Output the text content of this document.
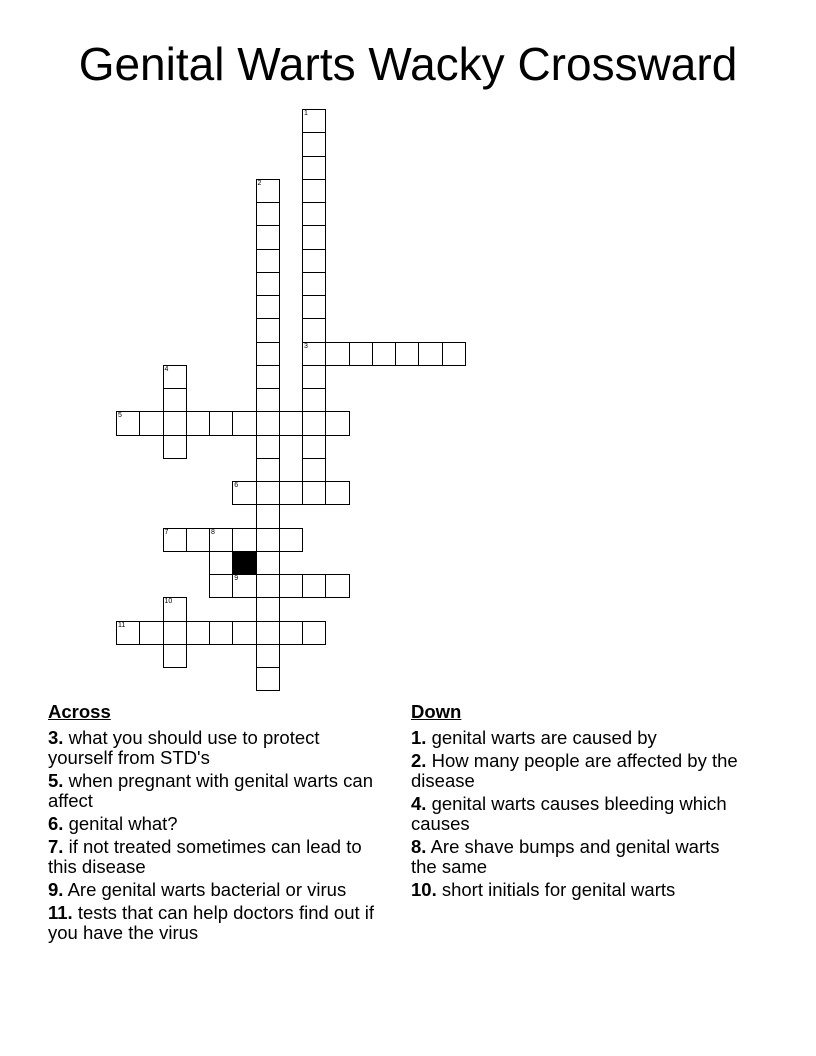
Genital Warts Wacky Crossward
1
3
2
4
8
10
5
6
7
9
11
Across
3. what you should use to protect yourself from STD's
5. when pregnant with genital warts can affect
6. genital what?
7. if not treated sometimes can lead to this disease
9. Are genital warts bacterial or virus
11. tests that can help doctors find out if you have the virus
Down
1. genital warts are caused by
2. How many people are affected by the disease
4. genital warts causes bleeding which causes
8. Are shave bumps and genital warts the same
10. short initials for genital warts
